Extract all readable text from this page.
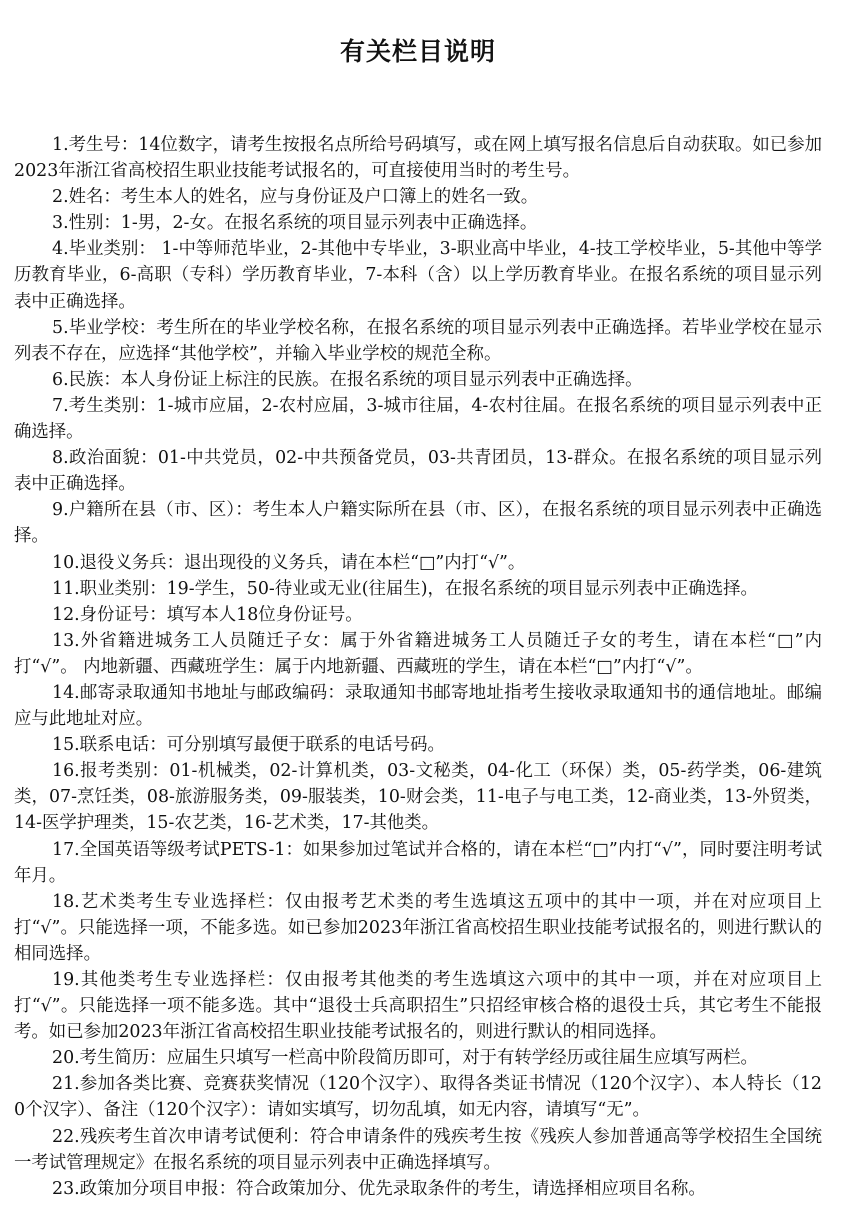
有关栏目说明

1.考生号：14位数字，请考生按报名点所给号码填写，或在网上填写报名信息后自动获取。如已参加2023年浙江省高校招生职业技能考试报名的，可直接使用当时的考生号。

2.姓名：考生本人的姓名，应与身份证及户口簿上的姓名一致。

3.性别：1-男，2-女。在报名系统的项目显示列表中正确选择。

4.毕业类别： 1-中等师范毕业，2-其他中专毕业，3-职业高中毕业，4-技工学校毕业，5-其他中等学历教育毕业，6-高职（专科）学历教育毕业，7-本科（含）以上学历教育毕业。在报名系统的项目显示列表中正确选择。

5.毕业学校：考生所在的毕业学校名称，在报名系统的项目显示列表中正确选择。若毕业学校在显示列表不存在，应选择“其他学校”，并输入毕业学校的规范全称。

6.民族：本人身份证上标注的民族。在报名系统的项目显示列表中正确选择。

7.考生类别：1-城市应届，2-农村应届，3-城市往届，4-农村往届。在报名系统的项目显示列表中正确选择。

8.政治面貌：01-中共党员，02-中共预备党员，03-共青团员，13-群众。在报名系统的项目显示列表中正确选择。

9.户籍所在县（市、区）：考生本人户籍实际所在县（市、区），在报名系统的项目显示列表中正确选择。

10.退役义务兵：退出现役的义务兵，请在本栏“□”内打“√”。

11.职业类别：19-学生，50-待业或无业(往届生)，在报名系统的项目显示列表中正确选择。

12.身份证号：填写本人18位身份证号。

13.外省籍进城务工人员随迁子女：属于外省籍进城务工人员随迁子女的考生，请在本栏“□”内打“√”。 内地新疆、西藏班学生：属于内地新疆、西藏班的学生，请在本栏“□”内打“√”。

14.邮寄录取通知书地址与邮政编码：录取通知书邮寄地址指考生接收录取通知书的通信地址。邮编应与此地址对应。

15.联系电话：可分别填写最便于联系的电话号码。

16.报考类别：01-机械类，02-计算机类，03-文秘类，04-化工（环保）类，05-药学类，06-建筑类，07-烹饪类，08-旅游服务类，09-服装类，10-财会类，11-电子与电工类，12-商业类，13-外贸类，14-医学护理类，15-农艺类，16-艺术类，17-其他类。

17.全国英语等级考试PETS-1：如果参加过笔试并合格的，请在本栏“□”内打“√”，同时要注明考试年月。

18.艺术类考生专业选择栏：仅由报考艺术类的考生选填这五项中的其中一项，并在对应项目上打“√”。只能选择一项，不能多选。如已参加2023年浙江省高校招生职业技能考试报名的，则进行默认的相同选择。

19.其他类考生专业选择栏：仅由报考其他类的考生选填这六项中的其中一项，并在对应项目上打“√”。只能选择一项不能多选。其中“退役士兵高职招生”只招经审核合格的退役士兵，其它考生不能报考。如已参加2023年浙江省高校招生职业技能考试报名的，则进行默认的相同选择。

20.考生简历：应届生只填写一栏高中阶段简历即可，对于有转学经历或往届生应填写两栏。

21.参加各类比赛、竞赛获奖情况（120个汉字）、取得各类证书情况（120个汉字）、本人特长（120个汉字）、备注（120个汉字）：请如实填写，切勿乱填，如无内容，请填写“无”。

22.残疾考生首次申请考试便利：符合申请条件的残疾考生按《残疾人参加普通高等学校招生全国统一考试管理规定》在报名系统的项目显示列表中正确选择填写。

23.政策加分项目申报：符合政策加分、优先录取条件的考生，请选择相应项目名称。
